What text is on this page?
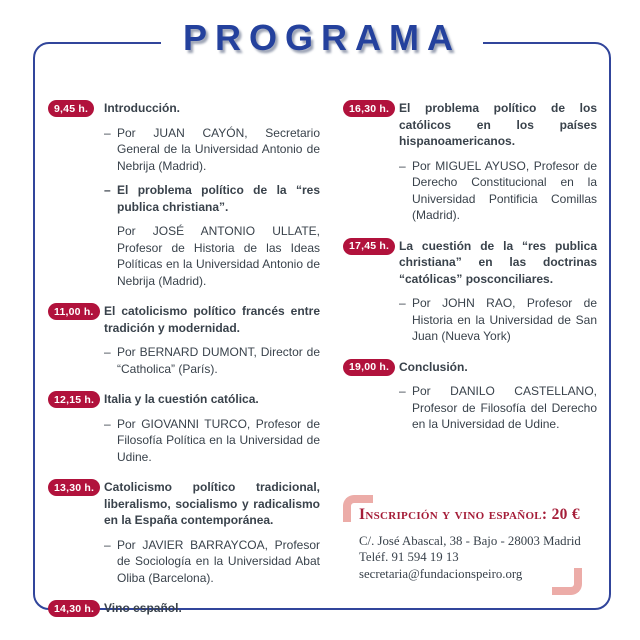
PROGRAMA
9,45 h.	Introducción.
– Por JUAN CAYÓN, Secretario General de la Universidad Antonio de Nebrija (Madrid).
– El problema político de la “res publica christiana”.
Por JOSÉ ANTONIO ULLATE, Profesor de Historia de las Ideas Políticas en la Universidad Antonio de Nebrija (Madrid).
11,00 h. El catolicismo político francés entre tradición y modernidad.
– Por BERNARD DUMONT, Director de “Catholica” (París).
12,15 h. Italia y la cuestión católica.
– Por GIOVANNI TURCO, Profesor de Filosofía Política en la Universidad de Udine.
13,30 h. Catolicismo político tradicional, liberalismo, socialismo y radicalismo en la España contemporánea.
– Por JAVIER BARRAYCOA, Profesor de Sociología en la Universidad Abat Oliba (Barcelona).
14,30 h. Vino español.
16,30 h. El problema político de los católicos en los países hispanoamericanos.
– Por MIGUEL AYUSO, Profesor de Derecho Constitucional en la Universidad Pontificia Comillas (Madrid).
17,45 h. La cuestión de la “res publica christiana” en las doctrinas “católicas” posconciliares.
– Por JOHN RAO, Profesor de Historia en la Universidad de San Juan (Nueva York)
19,00 h. Conclusión.
– Por DANILO CASTELLANO, Profesor de Filosofía del Derecho en la Universidad de Udine.
Inscripción y vino español: 20 €
C/. José Abascal, 38 - Bajo - 28003 Madrid
Teléf. 91 594 19 13
secretaria@fundacionspeiro.org
